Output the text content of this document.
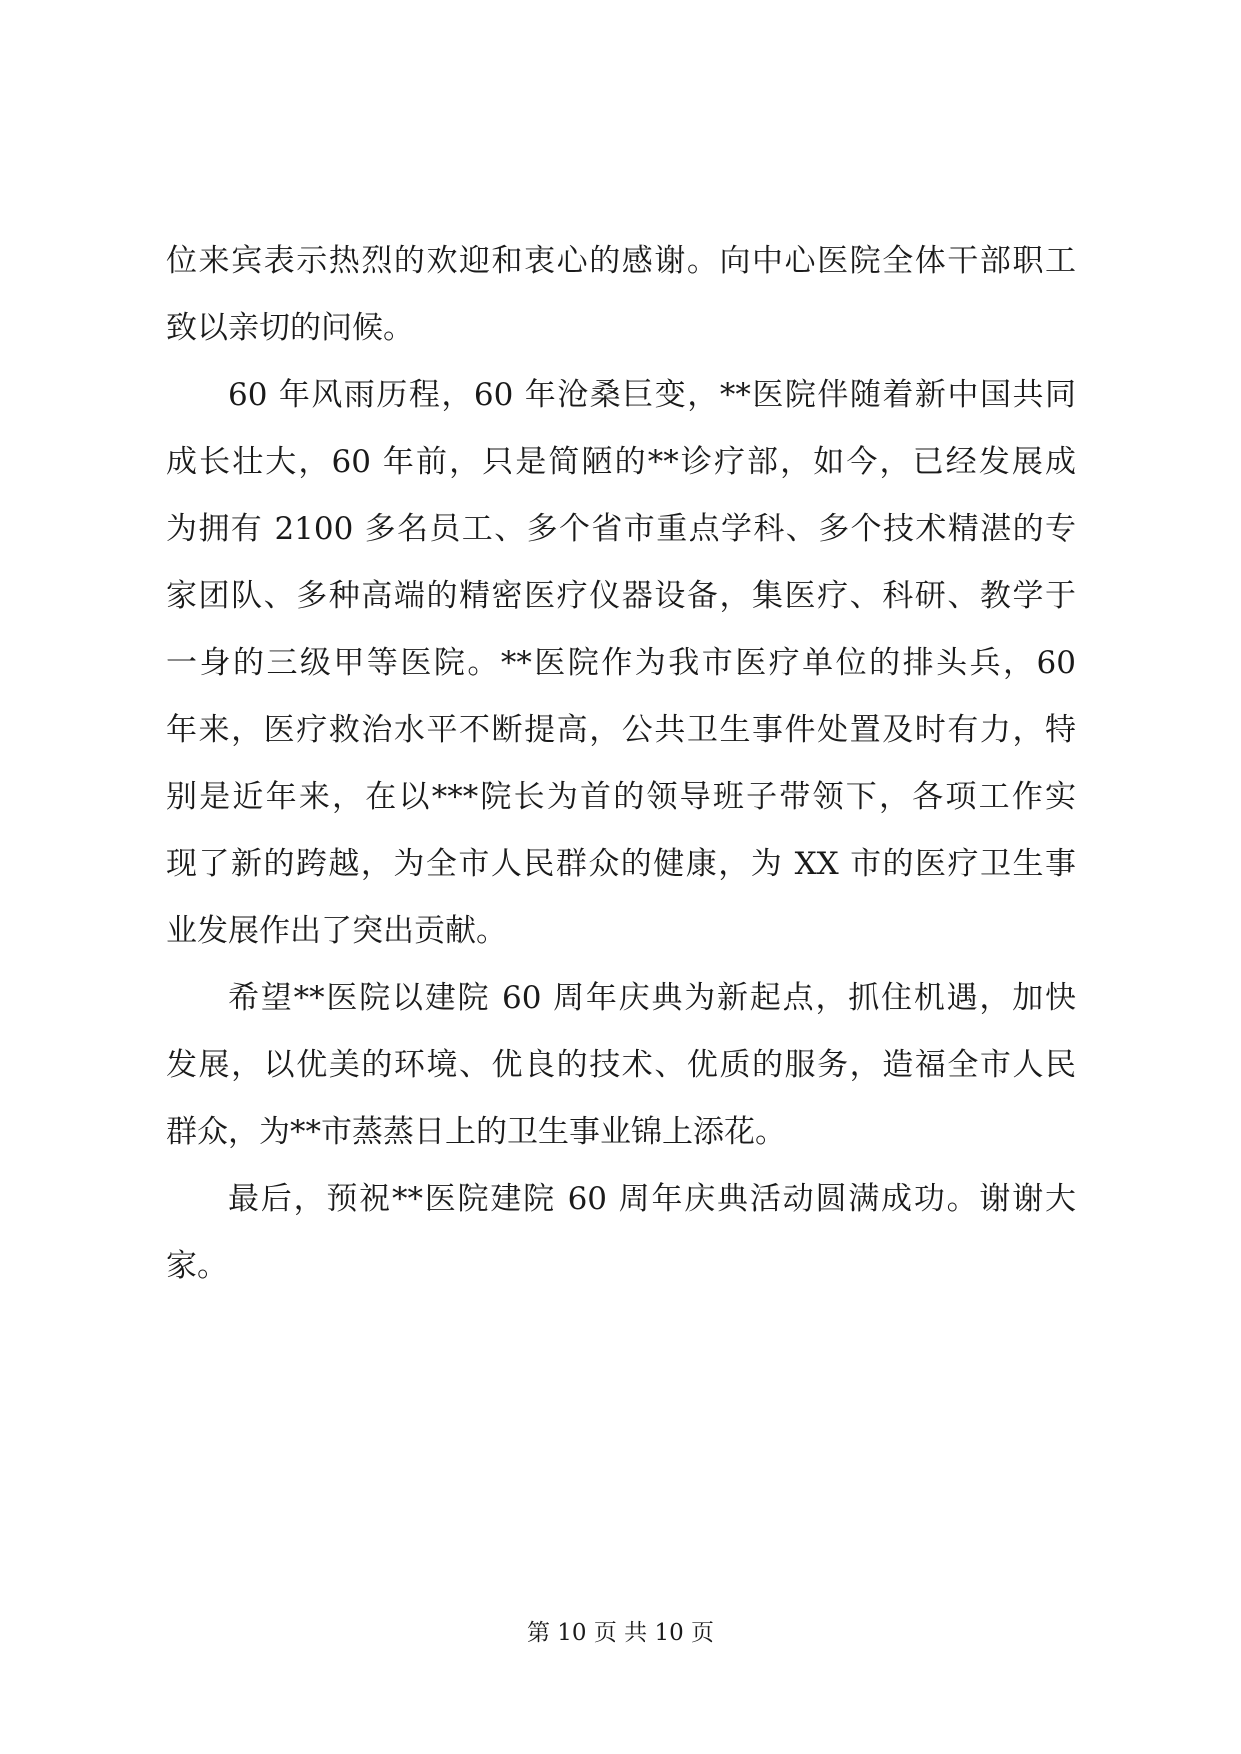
位来宾表示热烈的欢迎和衷心的感谢。向中心医院全体干部职工
致以亲切的问候。
60 年风雨历程，60 年沧桑巨变，**医院伴随着新中国共同
成长壮大，60 年前，只是简陋的**诊疗部，如今，已经发展成
为拥有 2100 多名员工、多个省市重点学科、多个技术精湛的专
家团队、多种高端的精密医疗仪器设备，集医疗、科研、教学于
一身的三级甲等医院。**医院作为我市医疗单位的排头兵，60
年来，医疗救治水平不断提高，公共卫生事件处置及时有力，特
别是近年来，在以***院长为首的领导班子带领下，各项工作实
现了新的跨越，为全市人民群众的健康，为 XX 市的医疗卫生事
业发展作出了突出贡献。
希望**医院以建院 60 周年庆典为新起点，抓住机遇，加快
发展，以优美的环境、优良的技术、优质的服务，造福全市人民
群众，为**市蒸蒸日上的卫生事业锦上添花。
最后，预祝**医院建院 60 周年庆典活动圆满成功。谢谢大
家。
第 10 页 共 10 页
